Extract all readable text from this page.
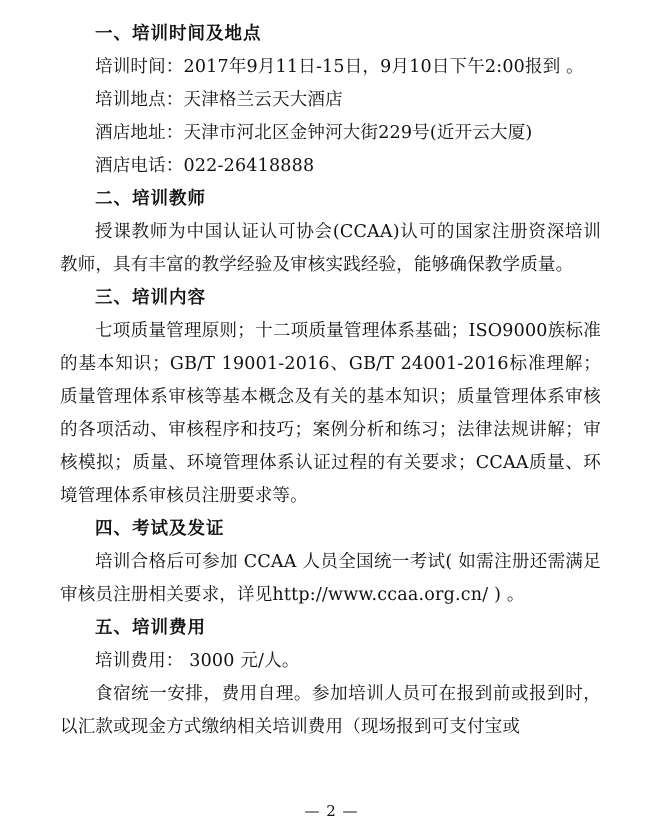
一、培训时间及地点

培训时间：2017年9月11日-15日，9月10日下午2:00报到 。

培训地点：天津格兰云天大酒店

酒店地址：天津市河北区金钟河大街229号(近开云大厦)

酒店电话：022-26418888

二、培训教师

授课教师为中国认证认可协会(CCAA)认可的国家注册资深培训教师，具有丰富的教学经验及审核实践经验，能够确保教学质量。

三、培训内容

七项质量管理原则；十二项质量管理体系基础；ISO9000族标准的基本知识；GB/T 19001-2016、GB/T 24001-2016标准理解；质量管理体系审核等基本概念及有关的基本知识；质量管理体系审核的各项活动、审核程序和技巧；案例分析和练习；法律法规讲解；审核模拟；质量、环境管理体系认证过程的有关要求；CCAA质量、环境管理体系审核员注册要求等。

四、考试及发证

培训合格后可参加 CCAA 人员全国统一考试( 如需注册还需满足审核员注册相关要求，详见http://www.ccaa.org.cn/ ) 。

五、培训费用

培训费用： 3000 元/人。

食宿统一安排，费用自理。参加培训人员可在报到前或报到时，以汇款或现金方式缴纳相关培训费用（现场报到可支付宝或

— 2 —
